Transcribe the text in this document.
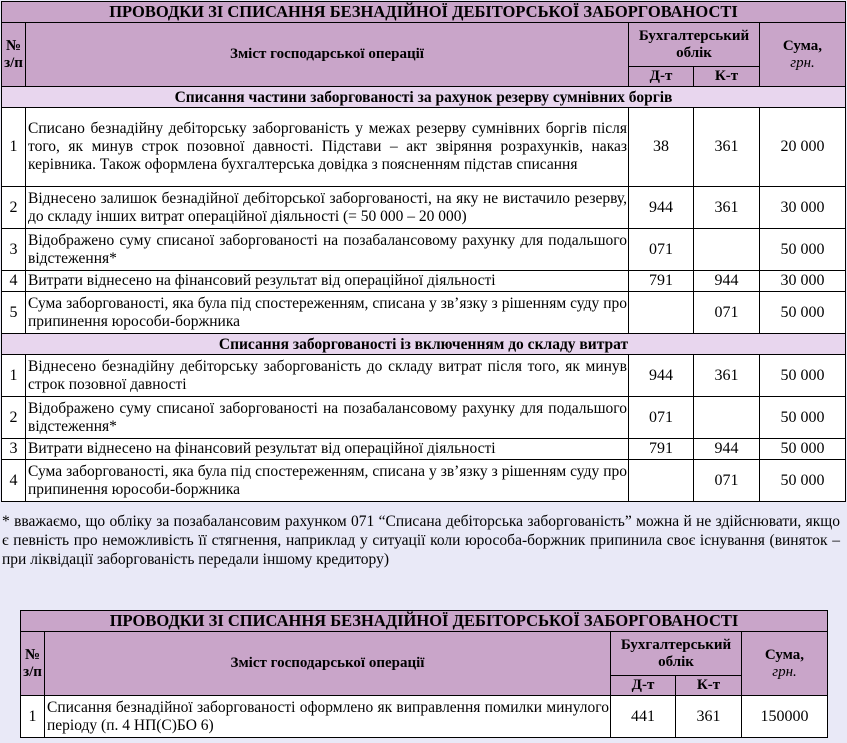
ПРОВОДКИ ЗІ СПИСАННЯ БЕЗНАДІЙНОЇ ДЕБІТОРСЬКОЇ ЗАБОРГОВАНОСТІ				
№ з/п	Зміст господарської операції	Бухгалтерський облік		Сума,
грн.
		Д-т	К-т	
Списання частини заборгованості за рахунок резерву сумнівних боргів				
1	Списано безнадійну дебіторську заборгованість у межах резерву сумнівних боргів після того, як минув строк позовної давності. Підстави – акт звіряння розрахунків, наказ керівника. Також оформлена бухгалтерська довідка з поясненням підстав списання	38	361	20 000
2	Віднесено залишок безнадійної дебіторської заборгованості, на яку не вистачило резерву, до складу інших витрат операційної діяльності (= 50 000 – 20 000)	944	361	30 000
3	Відображено суму списаної заборгованості на позабалансовому рахунку для подальшого відстеження*	071		50 000
4	Витрати віднесено на фінансовий результат від операційної діяльності	791	944	30 000
5	Сума заборгованості, яка була під спостереженням, списана у зв’язку з рішенням суду про припинення юрособи-боржника		071	50 000
Списання заборгованості із включенням до складу витрат				
1	Віднесено безнадійну дебіторську заборгованість до складу витрат після того, як минув строк позовної давності	944	361	50 000
2	Відображено суму списаної заборгованості на позабалансовому рахунку для подальшого відстеження*	071		50 000
3	Витрати віднесено на фінансовий результат від операційної діяльності	791	944	50 000
4	Сума заборгованості, яка була під спостереженням, списана у зв’язку з рішенням суду про припинення юрособи-боржника		071	50 000
* вважаємо, що обліку за позабалансовим рахунком 071 “Списана дебіторська заборгованість” можна й не здійснювати, якщо є певність про неможливість її стягнення, наприклад у ситуації коли юрособа-боржник припинила своє існування (виняток – при ліквідації заборгованість передали іншому кредитору)
ПРОВОДКИ ЗІ СПИСАННЯ БЕЗНАДІЙНОЇ ДЕБІТОРСЬКОЇ ЗАБОРГОВАНОСТІ				
№ з/п	Зміст господарської операції	Бухгалтерський облік		Сума,
грн.
		Д-т	К-т	
1	Списання безнадійної заборгованості оформлено як виправлення помилки минулого періоду (п. 4 НП(С)БО 6)	441	361	150000
